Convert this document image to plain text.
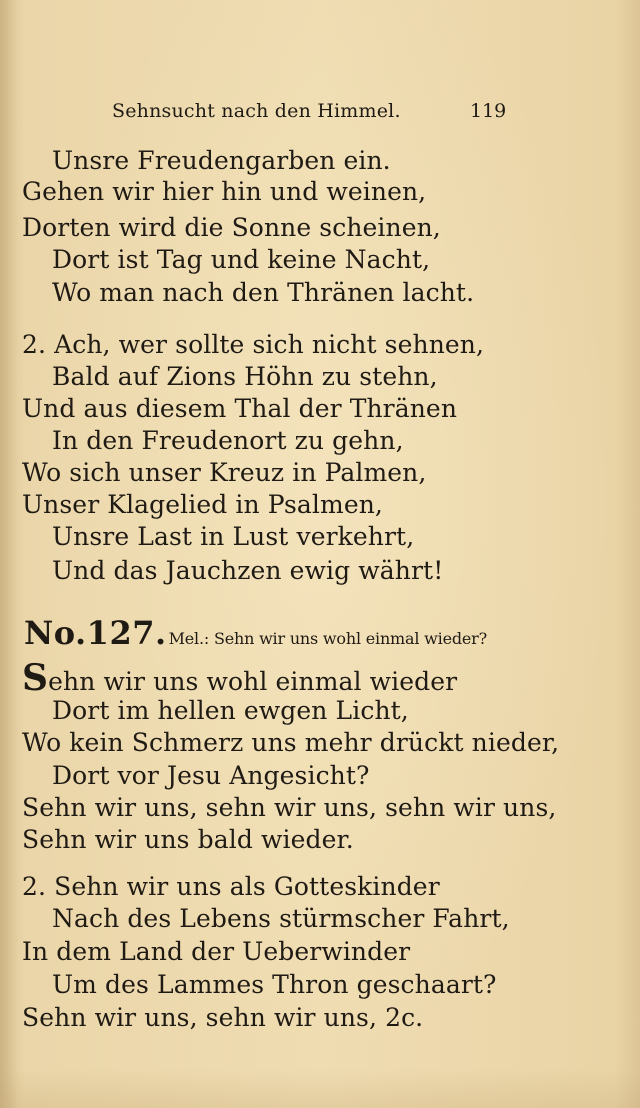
Sehnsucht nach den Himmel.	119
Unsre Freudengarben ein.
Gehen wir hier hin und weinen,
Dorten wird die Sonne scheinen,
Dort ist Tag und keine Nacht,
Wo man nach den Thränen lacht.
2. Ach, wer sollte sich nicht sehnen,
Bald auf Zions Höhn zu stehn,
Und aus diesem Thal der Thränen
In den Freudenort zu gehn,
Wo sich unser Kreuz in Palmen,
Unser Klagelied in Psalmen,
Unsre Last in Lust verkehrt,
Und das Jauchzen ewig währt!
No.127. Mel.: Sehn wir uns wohl einmal wieder?
Sehn wir uns wohl einmal wieder
Dort im hellen ewgen Licht,
Wo kein Schmerz uns mehr drückt nieder,
Dort vor Jesu Angesicht?
Sehn wir uns, sehn wir uns, sehn wir uns,
Sehn wir uns bald wieder.
2. Sehn wir uns als Gotteskinder
Nach des Lebens stürmscher Fahrt,
In dem Land der Ueberwinder
Um des Lammes Thron geschaart?
Sehn wir uns, sehn wir uns, 2c.
